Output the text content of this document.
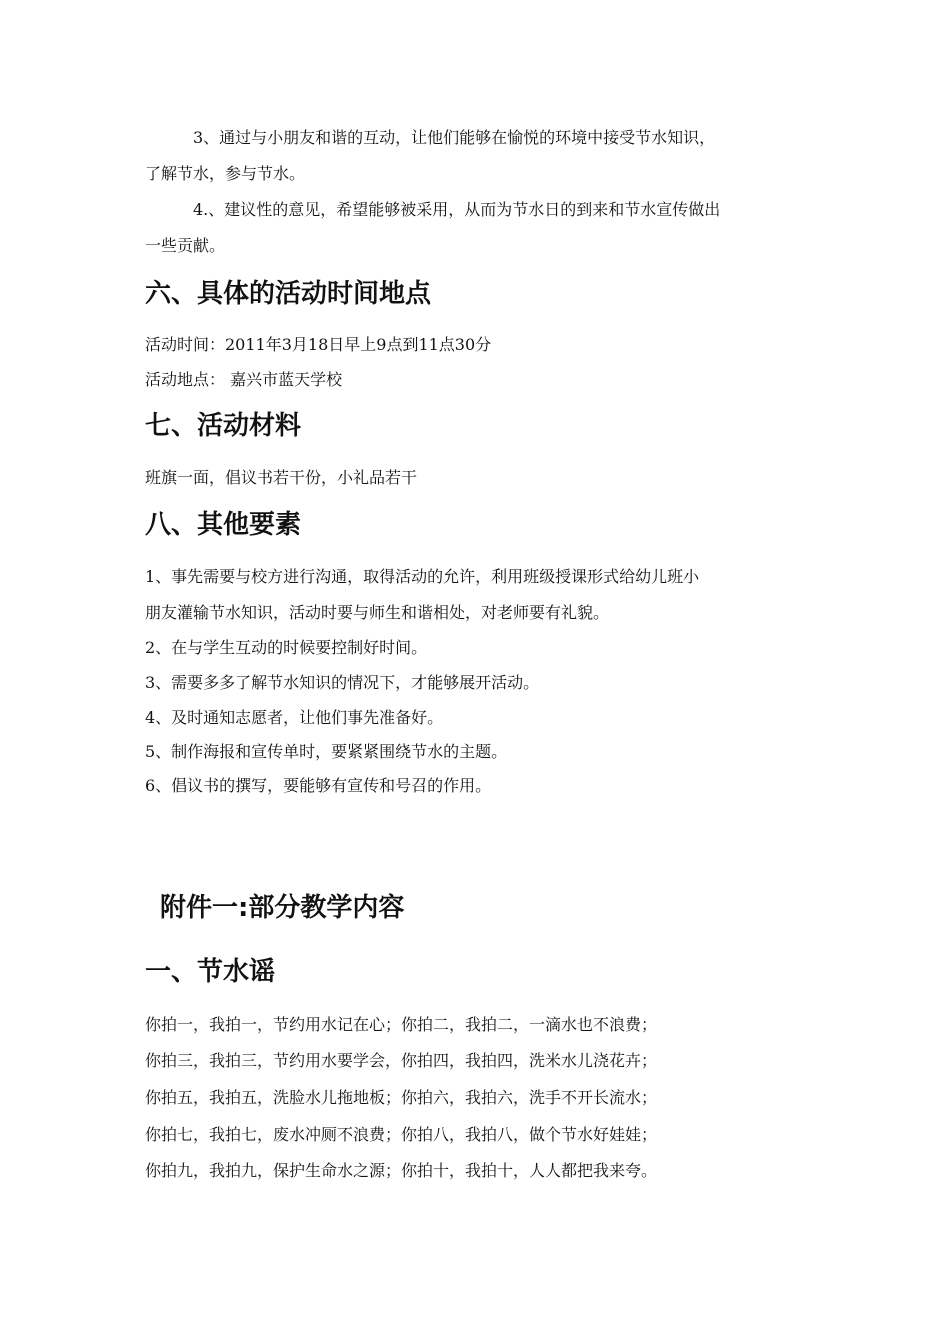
3、通过与小朋友和谐的互动，让他们能够在愉悦的环境中接受节水知识，
了解节水，参与节水。
4.、建议性的意见，希望能够被采用，从而为节水日的到来和节水宣传做出
一些贡献。
六、具体的活动时间地点
活动时间：2011年3月18日早上9点到11点30分
活动地点： 嘉兴市蓝天学校
七、活动材料
班旗一面，倡议书若干份，小礼品若干
八、其他要素
1、事先需要与校方进行沟通，取得活动的允许，利用班级授课形式给幼儿班小
朋友灌输节水知识，活动时要与师生和谐相处，对老师要有礼貌。
2、在与学生互动的时候要控制好时间。
3、需要多多了解节水知识的情况下，才能够展开活动。
4、及时通知志愿者，让他们事先准备好。
5、制作海报和宣传单时，要紧紧围绕节水的主题。
6、倡议书的撰写，要能够有宣传和号召的作用。
附件一:部分教学内容
一、节水谣
你拍一，我拍一，节约用水记在心；你拍二，我拍二，一滴水也不浪费；
你拍三，我拍三，节约用水要学会，你拍四，我拍四，洗米水儿浇花卉；
你拍五，我拍五，洗脸水儿拖地板；你拍六，我拍六，洗手不开长流水；
你拍七，我拍七，废水冲厕不浪费；你拍八，我拍八，做个节水好娃娃；
你拍九，我拍九，保护生命水之源；你拍十，我拍十，人人都把我来夸。
